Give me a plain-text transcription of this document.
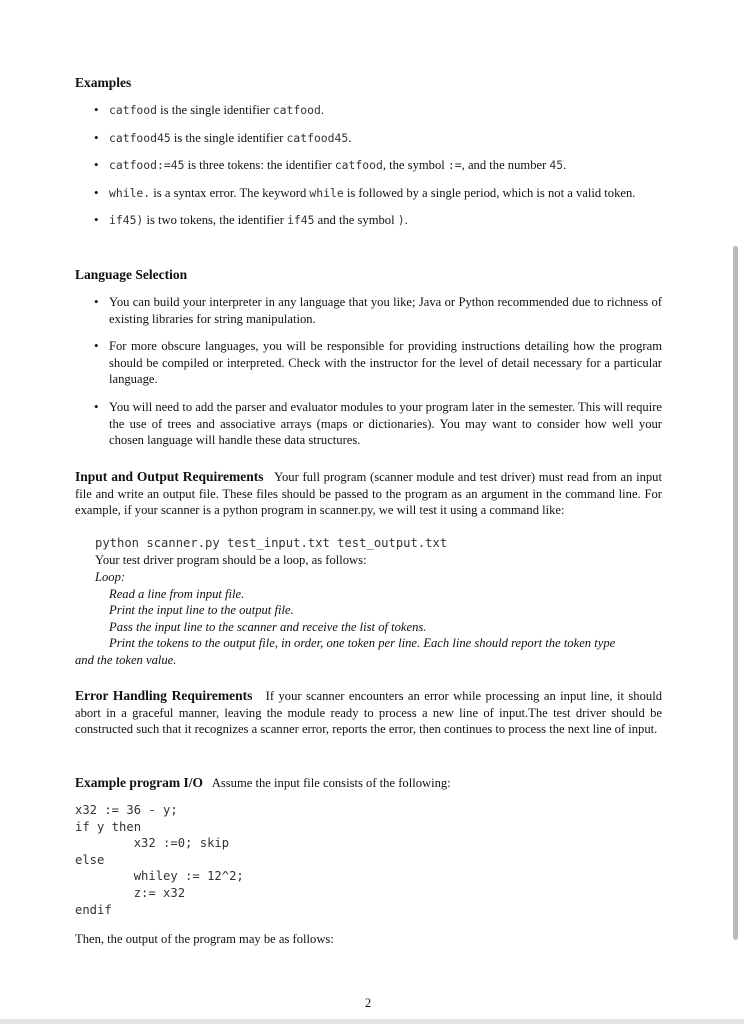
Examples
• catfood is the single identifier catfood.
• catfood45 is the single identifier catfood45.
• catfood:=45 is three tokens: the identifier catfood, the symbol :=, and the number 45.
• while. is a syntax error. The keyword while is followed by a single period, which is not a valid token.
• if45) is two tokens, the identifier if45 and the symbol ).
Language Selection
• You can build your interpreter in any language that you like; Java or Python recommended due to richness of existing libraries for string manipulation.
• For more obscure languages, you will be responsible for providing instructions detailing how the program should be compiled or interpreted. Check with the instructor for the level of detail necessary for a particular language.
• You will need to add the parser and evaluator modules to your program later in the semester. This will require the use of trees and associative arrays (maps or dictionaries). You may want to consider how well your chosen language will handle these data structures.
Input and Output Requirements Your full program (scanner module and test driver) must read from an input file and write an output file. These files should be passed to the program as an argument in the command line. For example, if your scanner is a python program in scanner.py, we will test it using a command like:
python scanner.py test_input.txt test_output.txt
Your test driver program should be a loop, as follows:
Loop:
Read a line from input file.
Print the input line to the output file.
Pass the input line to the scanner and receive the list of tokens.
Print the tokens to the output file, in order, one token per line. Each line should report the token type
and the token value.
Error Handling Requirements If your scanner encounters an error while processing an input line, it should abort in a graceful manner, leaving the module ready to process a new line of input.The test driver should be constructed such that it recognizes a scanner error, reports the error, then continues to process the next line of input.
Example program I/O Assume the input file consists of the following:
x32 := 36 - y;
if y then
x32 :=0; skip
else
whiley := 12^2;
z:= x32
endif
Then, the output of the program may be as follows:
2
